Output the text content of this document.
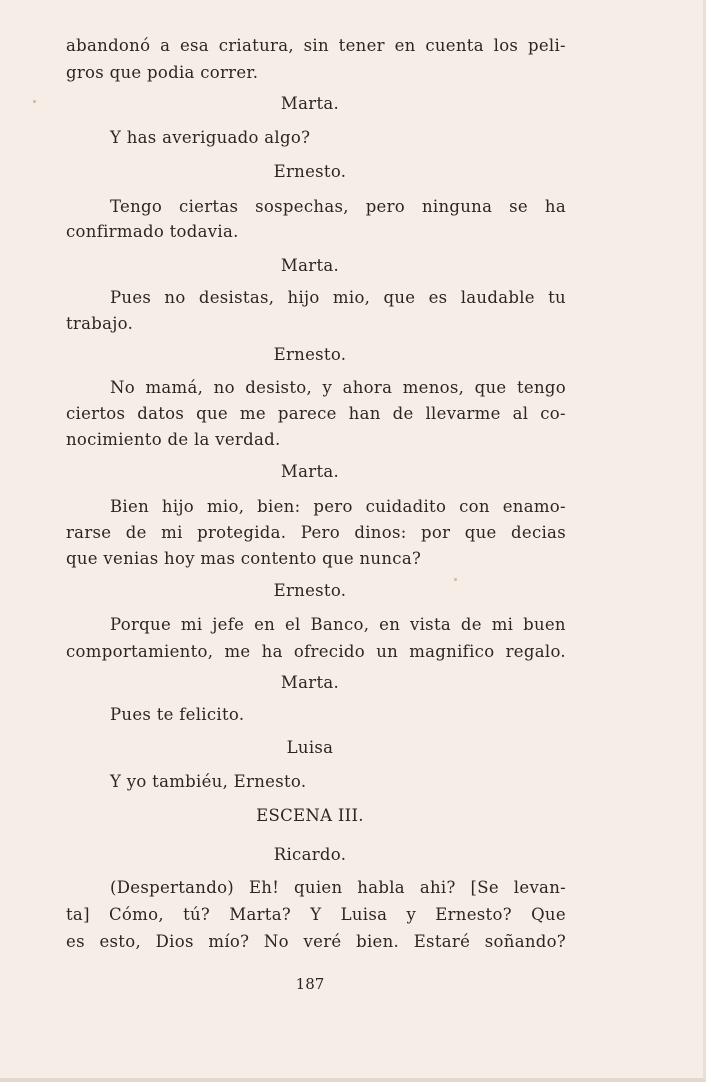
abandonó a esa criatura, sin tener en cuenta los peli-
gros que podia correr.
Marta.
Y has averiguado algo?
Ernesto.
Tengo ciertas sospechas, pero ninguna se ha
confirmado todavia.
Marta.
Pues no desistas, hijo mio, que es laudable tu
trabajo.
Ernesto.
No mamá, no desisto, y ahora menos, que tengo
ciertos datos que me parece han de llevarme al co-
nocimiento de la verdad.
Marta.
Bien hijo mio, bien: pero cuidadito con enamo-
rarse de mi protegida. Pero dinos: por que decias
que venias hoy mas contento que nunca?
Ernesto.
Porque mi jefe en el Banco, en vista de mi buen
comportamiento, me ha ofrecido un magnifico regalo.
Marta.
Pues te felicito.
Luisa
Y yo tambiéu, Ernesto.
ESCENA III.
Ricardo.
(Despertando) Eh! quien habla ahi? [Se levan-
ta] Cómo, tú? Marta? Y Luisa y Ernesto? Que
es esto, Dios mío? No veré bien. Estaré soñando?
187
